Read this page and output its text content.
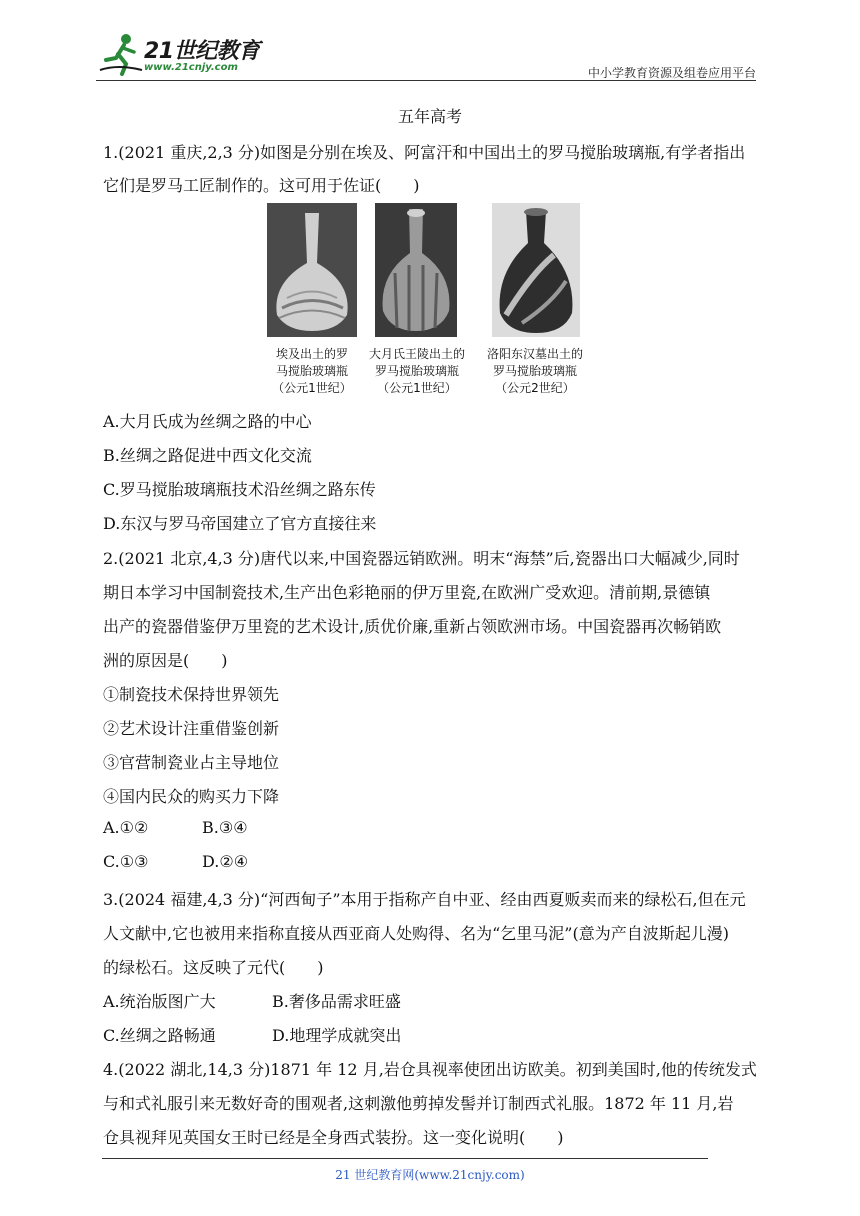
21世纪教育
www.21cnjy.com	中小学教育资源及组卷应用平台
五年高考
1.(2021 重庆,2,3 分)如图是分别在埃及、阿富汗和中国出土的罗马搅胎玻璃瓶,有学者指出
它们是罗马工匠制作的。这可用于佐证(　　)
埃及出土的罗
马搅胎玻璃瓶
（公元1世纪）
大月氏王陵出土的
罗马搅胎玻璃瓶
（公元1世纪）
洛阳东汉墓出土的
罗马搅胎玻璃瓶
（公元2世纪）
A.大月氏成为丝绸之路的中心
B.丝绸之路促进中西文化交流
C.罗马搅胎玻璃瓶技术沿丝绸之路东传
D.东汉与罗马帝国建立了官方直接往来
2.(2021 北京,4,3 分)唐代以来,中国瓷器远销欧洲。明末“海禁”后,瓷器出口大幅减少,同时
期日本学习中国制瓷技术,生产出色彩艳丽的伊万里瓷,在欧洲广受欢迎。清前期,景德镇
出产的瓷器借鉴伊万里瓷的艺术设计,质优价廉,重新占领欧洲市场。中国瓷器再次畅销欧
洲的原因是(　　)
①制瓷技术保持世界领先
②艺术设计注重借鉴创新
③官营制瓷业占主导地位
④国内民众的购买力下降
A.①②	B.③④
C.①③	D.②④
3.(2024 福建,4,3 分)“河西甸子”本用于指称产自中亚、经由西夏贩卖而来的绿松石,但在元
人文献中,它也被用来指称直接从西亚商人处购得、名为“乞里马泥”(意为产自波斯起儿漫)
的绿松石。这反映了元代(　　)
A.统治版图广大	B.奢侈品需求旺盛
C.丝绸之路畅通	D.地理学成就突出
4.(2022 湖北,14,3 分)1871 年 12 月,岩仓具视率使团出访欧美。初到美国时,他的传统发式
与和式礼服引来无数好奇的围观者,这刺激他剪掉发髻并订制西式礼服。1872 年 11 月,岩
仓具视拜见英国女王时已经是全身西式装扮。这一变化说明(　　)
21 世纪教育网(www.21cnjy.com)
